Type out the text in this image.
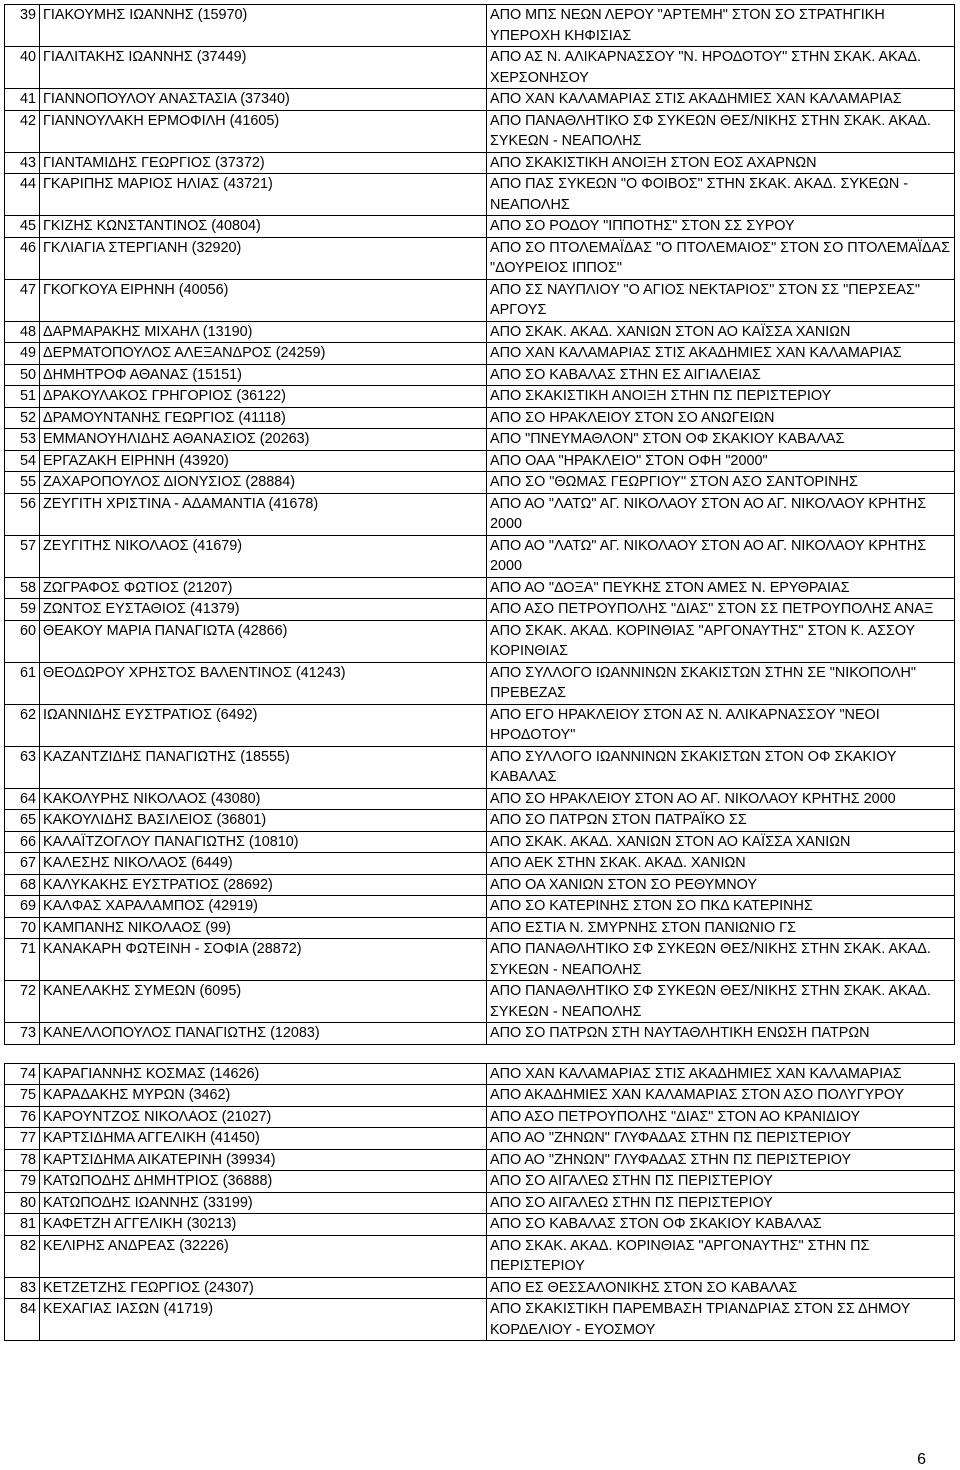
39	ΓΙΑΚΟΥΜΗΣ ΙΩΑΝΝΗΣ (15970)	ΑΠΟ ΜΠΣ ΝΕΩΝ ΛΕΡΟΥ "ΑΡΤΕΜΗ" ΣΤΟΝ ΣΟ ΣΤΡΑΤΗΓΙΚΗ ΥΠΕΡΟΧΗ ΚΗΦΙΣΙΑΣ
40	ΓΙΑΛΙΤΑΚΗΣ ΙΩΑΝΝΗΣ (37449)	ΑΠΟ ΑΣ Ν. ΑΛΙΚΑΡΝΑΣΣΟΥ "Ν. ΗΡΟΔΟΤΟΥ" ΣΤΗΝ ΣΚΑΚ. ΑΚΑΔ. ΧΕΡΣΟΝΗΣΟΥ
41	ΓΙΑΝΝΟΠΟΥΛΟΥ ΑΝΑΣΤΑΣΙΑ (37340)	ΑΠΟ ΧΑΝ ΚΑΛΑΜΑΡΙΑΣ ΣΤΙΣ ΑΚΑΔΗΜΙΕΣ ΧΑΝ ΚΑΛΑΜΑΡΙΑΣ
42	ΓΙΑΝΝΟΥΛΑΚΗ ΕΡΜΟΦΙΛΗ (41605)	ΑΠΟ ΠΑΝΑΘΛΗΤΙΚΟ ΣΦ ΣΥΚΕΩΝ ΘΕΣ/ΝΙΚΗΣ ΣΤΗΝ ΣΚΑΚ. ΑΚΑΔ. ΣΥΚΕΩΝ - ΝΕΑΠΟΛΗΣ
43	ΓΙΑΝΤΑΜΙΔΗΣ ΓΕΩΡΓΙΟΣ (37372)	ΑΠΟ ΣΚΑΚΙΣΤΙΚΗ ΑΝΟΙΞΗ ΣΤΟΝ ΕΟΣ ΑΧΑΡΝΩΝ
44	ΓΚΑΡΙΠΗΣ ΜΑΡΙΟΣ ΗΛΙΑΣ (43721)	ΑΠΟ ΠΑΣ ΣΥΚΕΩΝ "Ο ΦΟΙΒΟΣ" ΣΤΗΝ ΣΚΑΚ. ΑΚΑΔ. ΣΥΚΕΩΝ - ΝΕΑΠΟΛΗΣ
45	ΓΚΙΖΗΣ ΚΩΝΣΤΑΝΤΙΝΟΣ (40804)	ΑΠΟ ΣΟ ΡΟΔΟΥ "ΙΠΠΟΤΗΣ" ΣΤΟΝ ΣΣ ΣΥΡΟΥ
46	ΓΚΛΙΑΓΙΑ ΣΤΕΡΓΙΑΝΗ (32920)	ΑΠΟ ΣΟ ΠΤΟΛΕΜΑΪΔΑΣ "Ο ΠΤΟΛΕΜΑΙΟΣ" ΣΤΟΝ ΣΟ ΠΤΟΛΕΜΑΪΔΑΣ "ΔΟΥΡΕΙΟΣ ΙΠΠΟΣ"
47	ΓΚΟΓΚΟΥΑ ΕΙΡΗΝΗ (40056)	ΑΠΟ ΣΣ ΝΑΥΠΛΙΟΥ "Ο ΑΓΙΟΣ ΝΕΚΤΑΡΙΟΣ" ΣΤΟΝ ΣΣ "ΠΕΡΣΕΑΣ" ΑΡΓΟΥΣ
48	ΔΑΡΜΑΡΑΚΗΣ ΜΙΧΑΗΛ (13190)	ΑΠΟ ΣΚΑΚ. ΑΚΑΔ. ΧΑΝΙΩΝ ΣΤΟΝ ΑΟ ΚΑΪΣΣΑ ΧΑΝΙΩΝ
49	ΔΕΡΜΑΤΟΠΟΥΛΟΣ ΑΛΕΞΑΝΔΡΟΣ (24259)	ΑΠΟ ΧΑΝ ΚΑΛΑΜΑΡΙΑΣ ΣΤΙΣ ΑΚΑΔΗΜΙΕΣ ΧΑΝ ΚΑΛΑΜΑΡΙΑΣ
50	ΔΗΜΗΤΡΟΦ ΑΘΑΝΑΣ (15151)	ΑΠΟ ΣΟ ΚΑΒΑΛΑΣ ΣΤΗΝ ΕΣ ΑΙΓΙΑΛΕΙΑΣ
51	ΔΡΑΚΟΥΛΑΚΟΣ ΓΡΗΓΟΡΙΟΣ (36122)	ΑΠΟ ΣΚΑΚΙΣΤΙΚΗ ΑΝΟΙΞΗ ΣΤΗΝ ΠΣ ΠΕΡΙΣΤΕΡΙΟΥ
52	ΔΡΑΜΟΥΝΤΑΝΗΣ ΓΕΩΡΓΙΟΣ (41118)	ΑΠΟ ΣΟ ΗΡΑΚΛΕΙΟΥ ΣΤΟΝ ΣΟ ΑΝΩΓΕΙΩΝ
53	ΕΜΜΑΝΟΥΗΛΙΔΗΣ ΑΘΑΝΑΣΙΟΣ (20263)	ΑΠΟ "ΠΝΕΥΜΑΘΛΟΝ" ΣΤΟΝ ΟΦ ΣΚΑΚΙΟΥ ΚΑΒΑΛΑΣ
54	ΕΡΓΑΖΑΚΗ ΕΙΡΗΝΗ (43920)	ΑΠΟ ΟΑΑ "ΗΡΑΚΛΕΙΟ" ΣΤΟΝ ΟΦΗ "2000"
55	ΖΑΧΑΡΟΠΟΥΛΟΣ ΔΙΟΝΥΣΙΟΣ (28884)	ΑΠΟ ΣΟ "ΘΩΜΑΣ ΓΕΩΡΓΙΟΥ" ΣΤΟΝ ΑΣΟ ΣΑΝΤΟΡΙΝΗΣ
56	ΖΕΥΓΙΤΗ ΧΡΙΣΤΙΝΑ - ΑΔΑΜΑΝΤΙΑ (41678)	ΑΠΟ ΑΟ "ΛΑΤΩ" ΑΓ. ΝΙΚΟΛΑΟΥ ΣΤΟΝ ΑΟ ΑΓ. ΝΙΚΟΛΑΟΥ ΚΡΗΤΗΣ 2000
57	ΖΕΥΓΙΤΗΣ ΝΙΚΟΛΑΟΣ (41679)	ΑΠΟ ΑΟ "ΛΑΤΩ" ΑΓ. ΝΙΚΟΛΑΟΥ ΣΤΟΝ ΑΟ ΑΓ. ΝΙΚΟΛΑΟΥ ΚΡΗΤΗΣ 2000
58	ΖΩΓΡΑΦΟΣ ΦΩΤΙΟΣ (21207)	ΑΠΟ ΑΟ "ΔΟΞΑ" ΠΕΥΚΗΣ ΣΤΟΝ ΑΜΕΣ Ν. ΕΡΥΘΡΑΙΑΣ
59	ΖΩΝΤΟΣ ΕΥΣΤΑΘΙΟΣ (41379)	ΑΠΟ ΑΣΟ ΠΕΤΡΟΥΠΟΛΗΣ "ΔΙΑΣ" ΣΤΟΝ ΣΣ ΠΕΤΡΟΥΠΟΛΗΣ ΑΝΑΞ
60	ΘΕΑΚΟΥ ΜΑΡΙΑ ΠΑΝΑΓΙΩΤΑ (42866)	ΑΠΟ ΣΚΑΚ. ΑΚΑΔ. ΚΟΡΙΝΘΙΑΣ "ΑΡΓΟΝΑΥΤΗΣ" ΣΤΟΝ Κ. ΑΣΣΟΥ ΚΟΡΙΝΘΙΑΣ
61	ΘΕΟΔΩΡΟΥ ΧΡΗΣΤΟΣ ΒΑΛΕΝΤΙΝΟΣ (41243)	ΑΠΟ ΣΥΛΛΟΓΟ ΙΩΑΝΝΙΝΩΝ ΣΚΑΚΙΣΤΩΝ ΣΤΗΝ ΣΕ "ΝΙΚΟΠΟΛΗ" ΠΡΕΒΕΖΑΣ
62	ΙΩΑΝΝΙΔΗΣ ΕΥΣΤΡΑΤΙΟΣ (6492)	ΑΠΟ ΕΓΟ ΗΡΑΚΛΕΙΟΥ ΣΤΟΝ ΑΣ Ν. ΑΛΙΚΑΡΝΑΣΣΟΥ "ΝΕΟΙ ΗΡΟΔΟΤΟΥ"
63	ΚΑΖΑΝΤΖΙΔΗΣ ΠΑΝΑΓΙΩΤΗΣ (18555)	ΑΠΟ ΣΥΛΛΟΓΟ ΙΩΑΝΝΙΝΩΝ ΣΚΑΚΙΣΤΩΝ ΣΤΟΝ ΟΦ ΣΚΑΚΙΟΥ ΚΑΒΑΛΑΣ
64	ΚΑΚΟΛΥΡΗΣ ΝΙΚΟΛΑΟΣ (43080)	ΑΠΟ ΣΟ ΗΡΑΚΛΕΙΟΥ ΣΤΟΝ ΑΟ ΑΓ. ΝΙΚΟΛΑΟΥ ΚΡΗΤΗΣ 2000
65	ΚΑΚΟΥΛΙΔΗΣ ΒΑΣΙΛΕΙΟΣ (36801)	ΑΠΟ ΣΟ ΠΑΤΡΩΝ ΣΤΟΝ ΠΑΤΡΑΪΚΟ ΣΣ
66	ΚΑΛΑΪΤΖΟΓΛΟΥ ΠΑΝΑΓΙΩΤΗΣ (10810)	ΑΠΟ ΣΚΑΚ. ΑΚΑΔ. ΧΑΝΙΩΝ ΣΤΟΝ ΑΟ ΚΑΪΣΣΑ ΧΑΝΙΩΝ
67	ΚΑΛΕΣΗΣ ΝΙΚΟΛΑΟΣ (6449)	ΑΠΟ ΑΕΚ ΣΤΗΝ ΣΚΑΚ. ΑΚΑΔ. ΧΑΝΙΩΝ
68	ΚΑΛΥΚΑΚΗΣ ΕΥΣΤΡΑΤΙΟΣ (28692)	ΑΠΟ ΟΑ ΧΑΝΙΩΝ ΣΤΟΝ ΣΟ ΡΕΘΥΜΝΟΥ
69	ΚΑΛΦΑΣ ΧΑΡΑΛΑΜΠΟΣ (42919)	ΑΠΟ ΣΟ ΚΑΤΕΡΙΝΗΣ ΣΤΟΝ ΣΟ ΠΚΔ ΚΑΤΕΡΙΝΗΣ
70	ΚΑΜΠΑΝΗΣ ΝΙΚΟΛΑΟΣ (99)	ΑΠΟ ΕΣΤΙΑ Ν. ΣΜΥΡΝΗΣ ΣΤΟΝ ΠΑΝΙΩΝΙΟ ΓΣ
71	ΚΑΝΑΚΑΡΗ ΦΩΤΕΙΝΗ - ΣΟΦΙΑ (28872)	ΑΠΟ ΠΑΝΑΘΛΗΤΙΚΟ ΣΦ ΣΥΚΕΩΝ ΘΕΣ/ΝΙΚΗΣ ΣΤΗΝ ΣΚΑΚ. ΑΚΑΔ. ΣΥΚΕΩΝ - ΝΕΑΠΟΛΗΣ
72	ΚΑΝΕΛΑΚΗΣ ΣΥΜΕΩΝ (6095)	ΑΠΟ ΠΑΝΑΘΛΗΤΙΚΟ ΣΦ ΣΥΚΕΩΝ ΘΕΣ/ΝΙΚΗΣ ΣΤΗΝ ΣΚΑΚ. ΑΚΑΔ. ΣΥΚΕΩΝ - ΝΕΑΠΟΛΗΣ
73	ΚΑΝΕΛΛΟΠΟΥΛΟΣ ΠΑΝΑΓΙΩΤΗΣ (12083)	ΑΠΟ ΣΟ ΠΑΤΡΩΝ ΣΤΗ ΝΑΥΤΑΘΛΗΤΙΚΗ ΕΝΩΣΗ ΠΑΤΡΩΝ

74	ΚΑΡΑΓΙΑΝΝΗΣ ΚΟΣΜΑΣ (14626)	ΑΠΟ ΧΑΝ ΚΑΛΑΜΑΡΙΑΣ ΣΤΙΣ ΑΚΑΔΗΜΙΕΣ ΧΑΝ ΚΑΛΑΜΑΡΙΑΣ
75	ΚΑΡΑΔΑΚΗΣ ΜΥΡΩΝ (3462)	ΑΠΟ ΑΚΑΔΗΜΙΕΣ ΧΑΝ ΚΑΛΑΜΑΡΙΑΣ ΣΤΟΝ ΑΣΟ ΠΟΛΥΓΥΡΟΥ
76	ΚΑΡΟΥΝΤΖΟΣ ΝΙΚΟΛΑΟΣ (21027)	ΑΠΟ ΑΣΟ ΠΕΤΡΟΥΠΟΛΗΣ "ΔΙΑΣ" ΣΤΟΝ ΑΟ ΚΡΑΝΙΔΙΟΥ
77	ΚΑΡΤΣΙΔΗΜΑ ΑΓΓΕΛΙΚΗ (41450)	ΑΠΟ ΑΟ "ΖΗΝΩΝ" ΓΛΥΦΑΔΑΣ ΣΤΗΝ ΠΣ ΠΕΡΙΣΤΕΡΙΟΥ
78	ΚΑΡΤΣΙΔΗΜΑ ΑΙΚΑΤΕΡΙΝΗ (39934)	ΑΠΟ ΑΟ "ΖΗΝΩΝ" ΓΛΥΦΑΔΑΣ ΣΤΗΝ ΠΣ ΠΕΡΙΣΤΕΡΙΟΥ
79	ΚΑΤΩΠΟΔΗΣ ΔΗΜΗΤΡΙΟΣ (36888)	ΑΠΟ ΣΟ ΑΙΓΑΛΕΩ ΣΤΗΝ ΠΣ ΠΕΡΙΣΤΕΡΙΟΥ
80	ΚΑΤΩΠΟΔΗΣ ΙΩΑΝΝΗΣ (33199)	ΑΠΟ ΣΟ ΑΙΓΑΛΕΩ ΣΤΗΝ ΠΣ ΠΕΡΙΣΤΕΡΙΟΥ
81	ΚΑΦΕΤΖΗ ΑΓΓΕΛΙΚΗ (30213)	ΑΠΟ ΣΟ ΚΑΒΑΛΑΣ ΣΤΟΝ ΟΦ ΣΚΑΚΙΟΥ ΚΑΒΑΛΑΣ
82	ΚΕΛΙΡΗΣ ΑΝΔΡΕΑΣ (32226)	ΑΠΟ ΣΚΑΚ. ΑΚΑΔ. ΚΟΡΙΝΘΙΑΣ "ΑΡΓΟΝΑΥΤΗΣ" ΣΤΗΝ ΠΣ ΠΕΡΙΣΤΕΡΙΟΥ
83	ΚΕΤΖΕΤΖΗΣ ΓΕΩΡΓΙΟΣ (24307)	ΑΠΟ ΕΣ ΘΕΣΣΑΛΟΝΙΚΗΣ ΣΤΟΝ ΣΟ ΚΑΒΑΛΑΣ
84	ΚΕΧΑΓΙΑΣ ΙΑΣΩΝ (41719)	ΑΠΟ ΣΚΑΚΙΣΤΙΚΗ ΠΑΡΕΜΒΑΣΗ ΤΡΙΑΝΔΡΙΑΣ ΣΤΟΝ ΣΣ ΔΗΜΟΥ ΚΟΡΔΕΛΙΟΥ - ΕΥΟΣΜΟΥ
6
